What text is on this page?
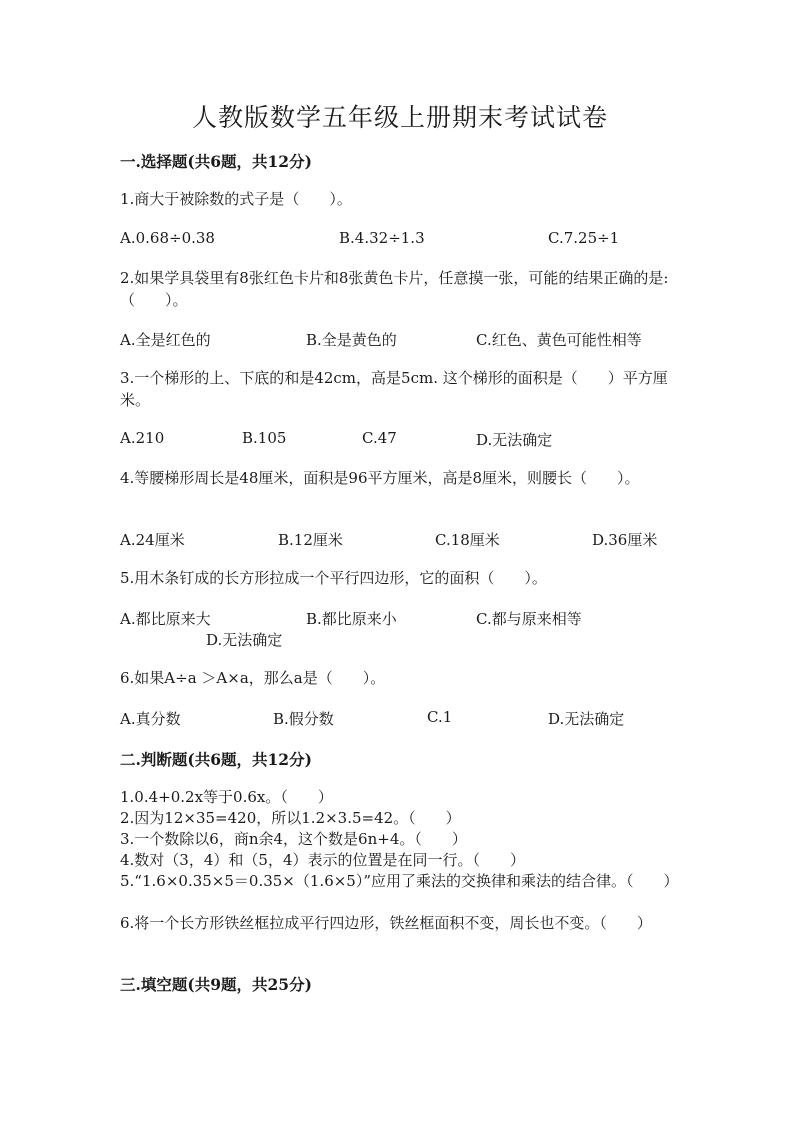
人教版数学五年级上册期末考试试卷
一.选择题(共6题，共12分)
1.商大于被除数的式子是（　　）。
A.0.68÷0.38	B.4.32÷1.3	C.7.25÷1
2.如果学具袋里有8张红色卡片和8张黄色卡片，任意摸一张，可能的结果正确的是:（　　）。
A.全是红色的	B.全是黄色的	C.红色、黄色可能性相等
3.一个梯形的上、下底的和是42cm，高是5cm. 这个梯形的面积是（　　）平方厘米。
A.210	B.105	C.47	D.无法确定
4.等腰梯形周长是48厘米，面积是96平方厘米，高是8厘米，则腰长（　　）。
A.24厘米	B.12厘米	C.18厘米	D.36厘米
5.用木条钉成的长方形拉成一个平行四边形，它的面积（　　）。
A.都比原来大	B.都比原来小	C.都与原来相等
D.无法确定
6.如果A÷a ＞A×a，那么a是（　　）。
A.真分数	B.假分数	C.1	D.无法确定
二.判断题(共6题，共12分)
1.0.4+0.2x等于0.6x。（　　）
2.因为12×35=420，所以1.2×3.5=42。（　　）
3.一个数除以6，商n余4，这个数是6n+4。（　　）
4.数对（3，4）和（5，4）表示的位置是在同一行。（　　）
5.“1.6×0.35×5＝0.35×（1.6×5）”应用了乘法的交换律和乘法的结合律。（　　）
6.将一个长方形铁丝框拉成平行四边形，铁丝框面积不变，周长也不变。（　　）
三.填空题(共9题，共25分)
